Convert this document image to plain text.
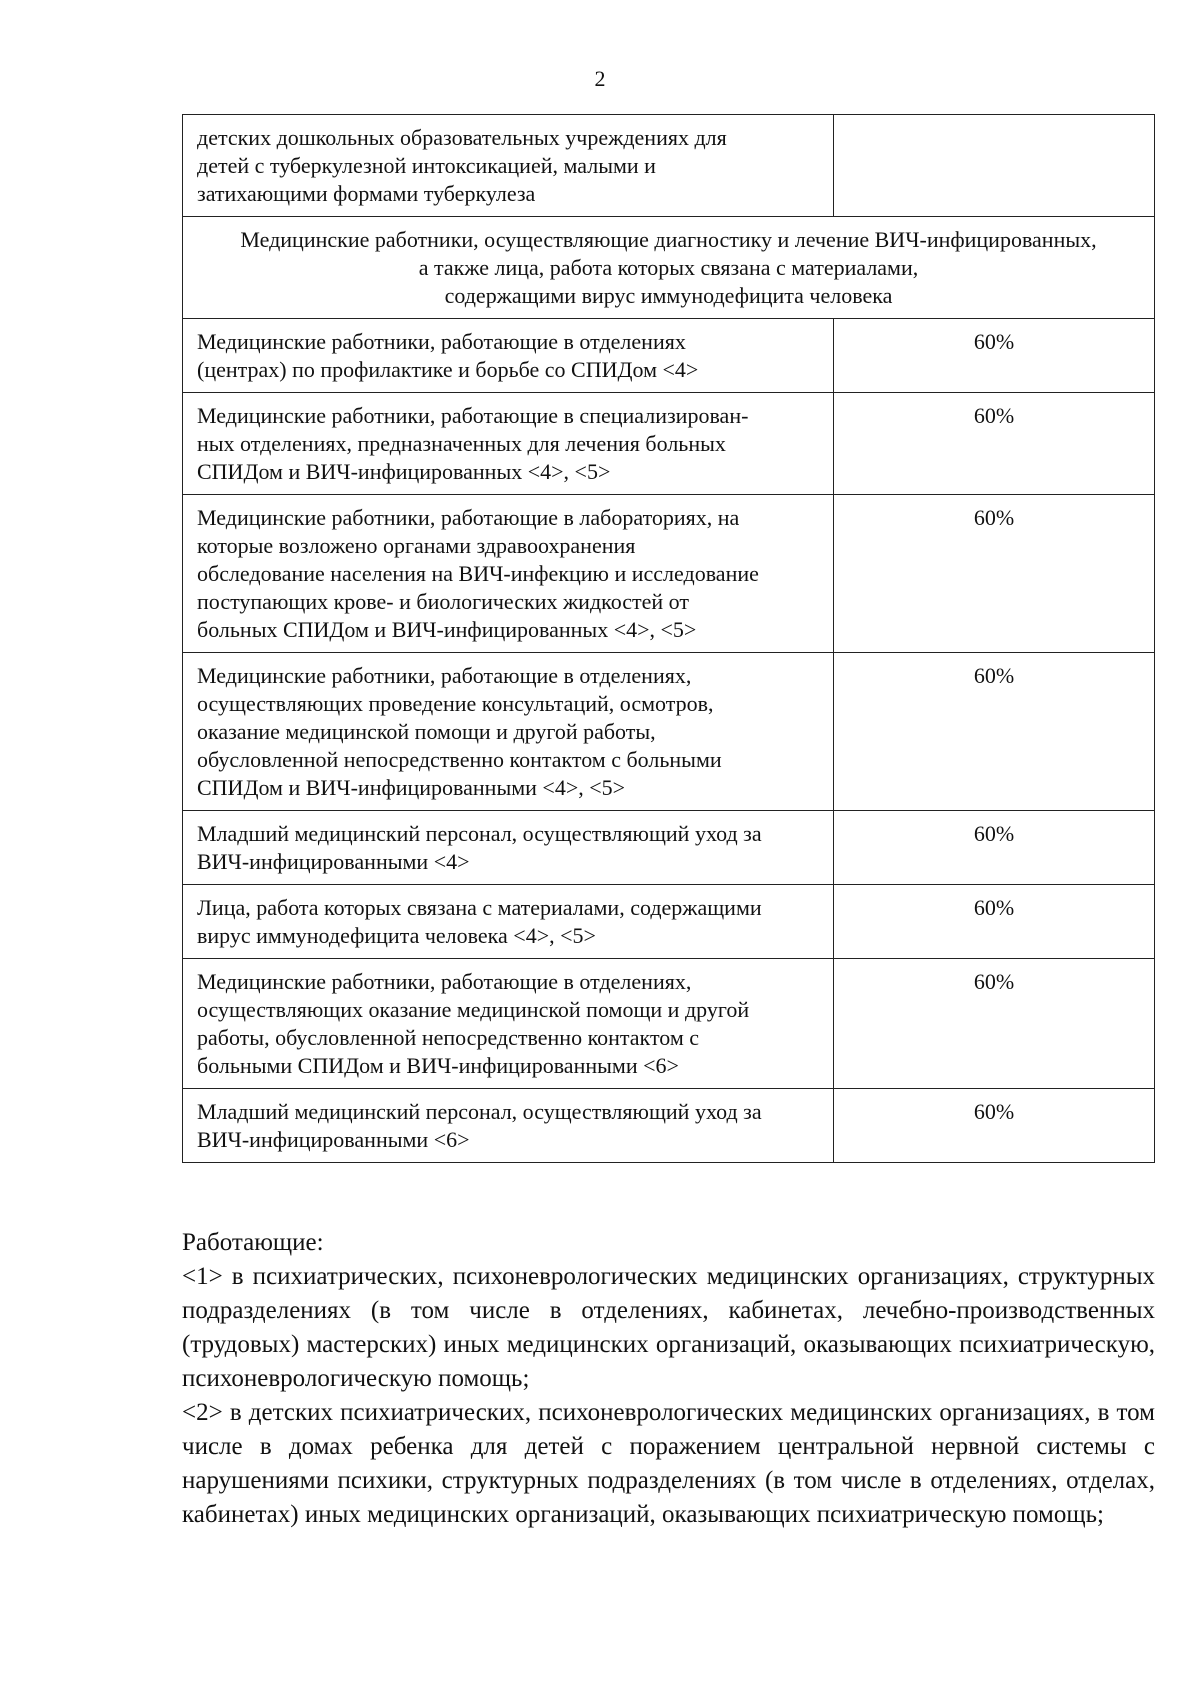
2
детских дошкольных образовательных учреждениях для
детей с туберкулезной интоксикацией, малыми и
затихающими формами туберкулеза	

Медицинские работники, осуществляющие диагностику и лечение ВИЧ-инфицированных,
а также лица, работа которых связана с материалами,
содержащими вирус иммунодефицита человека	

Медицинские работники, работающие в отделениях
(центрах) по профилактике и борьбе со СПИДом <4>	60%

Медицинские работники, работающие в специализирован-
ных отделениях, предназначенных для лечения больных
СПИДом и ВИЧ-инфицированных <4>, <5>	60%

Медицинские работники, работающие в лабораториях, на
которые возложено органами здравоохранения
обследование населения на ВИЧ-инфекцию и исследование
поступающих крове- и биологических жидкостей от
больных СПИДом и ВИЧ-инфицированных <4>, <5>	60%

Медицинские работники, работающие в отделениях,
осуществляющих проведение консультаций, осмотров,
оказание медицинской помощи и другой работы,
обусловленной непосредственно контактом с больными
СПИДом и ВИЧ-инфицированными <4>, <5>	60%

Младший медицинский персонал, осуществляющий уход за
ВИЧ-инфицированными <4>	60%

Лица, работа которых связана с материалами, содержащими
вирус иммунодефицита человека <4>, <5>	60%

Медицинские работники, работающие в отделениях,
осуществляющих оказание медицинской помощи и другой
работы, обусловленной непосредственно контактом с
больными СПИДом и ВИЧ-инфицированными <6>	60%

Младший медицинский персонал, осуществляющий уход за
ВИЧ-инфицированными <6>	60%

Работающие:

<1> в психиатрических, психоневрологических медицинских организациях, структурных подразделениях (в том числе в отделениях, кабинетах, лечебно-производственных (трудовых) мастерских) иных медицинских организаций, оказывающих психиатрическую, психоневрологическую помощь;

<2> в детских психиатрических, психоневрологических медицинских организациях, в том числе в домах ребенка для детей с поражением центральной нервной системы с нарушениями психики, структурных подразделениях (в том числе в отделениях, отделах, кабинетах) иных медицинских организаций, оказывающих психиатрическую помощь;
